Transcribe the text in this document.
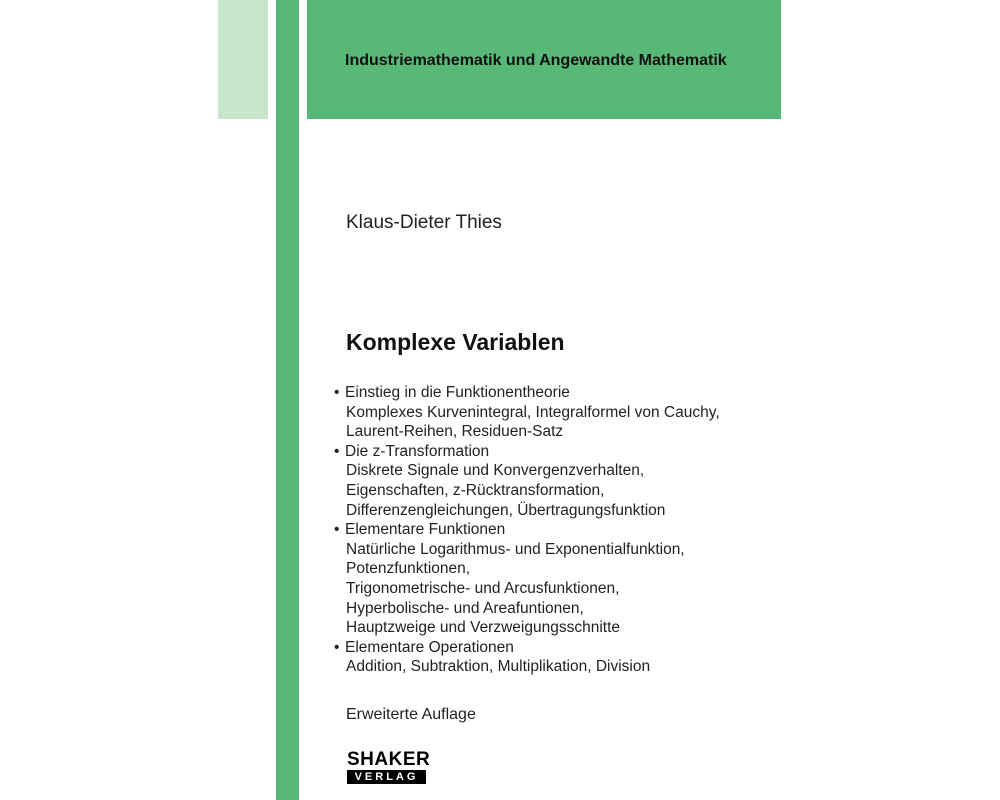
Industriemathematik und Angewandte Mathematik
Klaus-Dieter Thies
Komplexe Variablen
• Einstieg in die Funktionentheorie
Komplexes Kurvenintegral, Integralformel von Cauchy,
Laurent-Reihen, Residuen-Satz
• Die z-Transformation
Diskrete Signale und Konvergenzverhalten,
Eigenschaften, z-Rücktransformation,
Differenzengleichungen, Übertragungsfunktion
• Elementare Funktionen
Natürliche Logarithmus- und Exponentialfunktion,
Potenzfunktionen,
Trigonometrische- und Arcusfunktionen,
Hyperbolische- und Areafuntionen,
Hauptzweige und Verzweigungsschnitte
• Elementare Operationen
Addition, Subtraktion, Multiplikation, Division
Erweiterte Auflage
SHAKER
VERLAG
